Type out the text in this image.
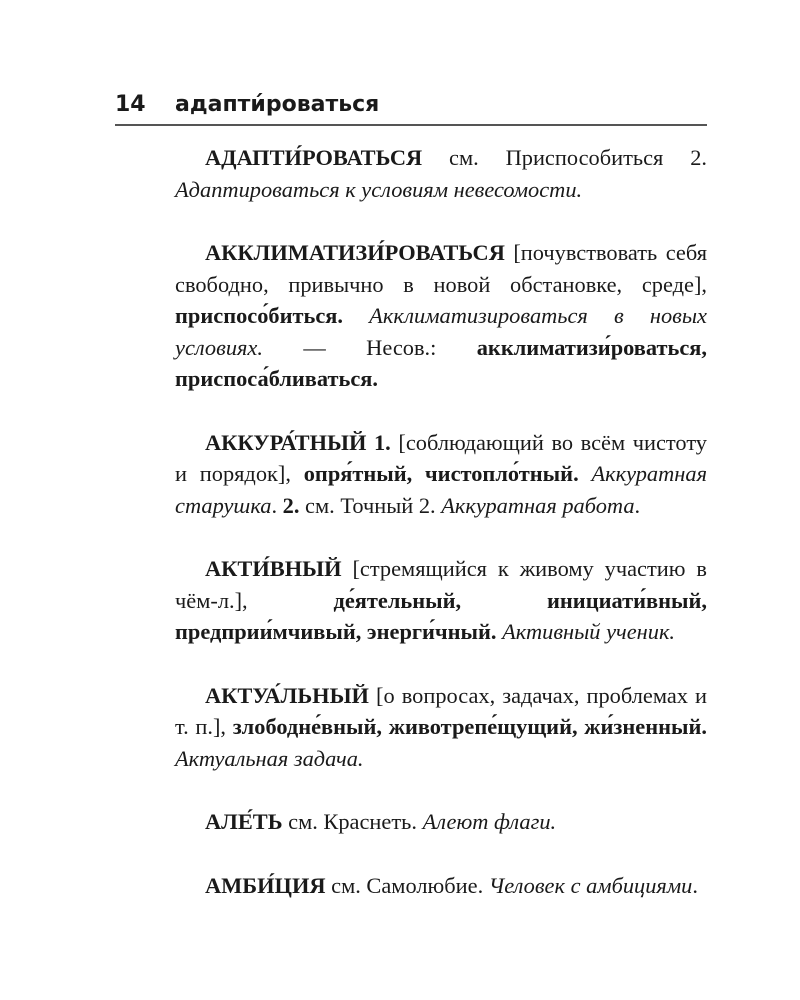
14 адапти́роваться

АДАПТИ́РОВАТЬСЯ см. Приспособиться 2. Адаптироваться к условиям невесомости.

АККЛИМАТИЗИ́РОВАТЬСЯ [почувствовать себя свободно, привычно в новой обстановке, среде], приспосо́биться. Акклиматизироваться в новых условиях. — Несов.: акклиматизи́роваться, приспоса́бливаться.

АККУРА́ТНЫЙ 1. [соблюдающий во всём чистоту и порядок], опря́тный, чистопло́тный. Аккуратная старушка. 2. см. Точный 2. Аккуратная работа.

АКТИ́ВНЫЙ [стремящийся к живому участию в чём-л.], де́ятельный, инициати́вный, предприи́мчивый, энерги́чный. Активный ученик.

АКТУА́ЛЬНЫЙ [о вопросах, задачах, проблемах и т. п.], злободне́вный, животрепе́щущий, жи́зненный. Актуальная задача.

АЛЕ́ТЬ см. Краснеть. Алеют флаги.

АМБИ́ЦИЯ см. Самолюбие. Человек с амбициями.
